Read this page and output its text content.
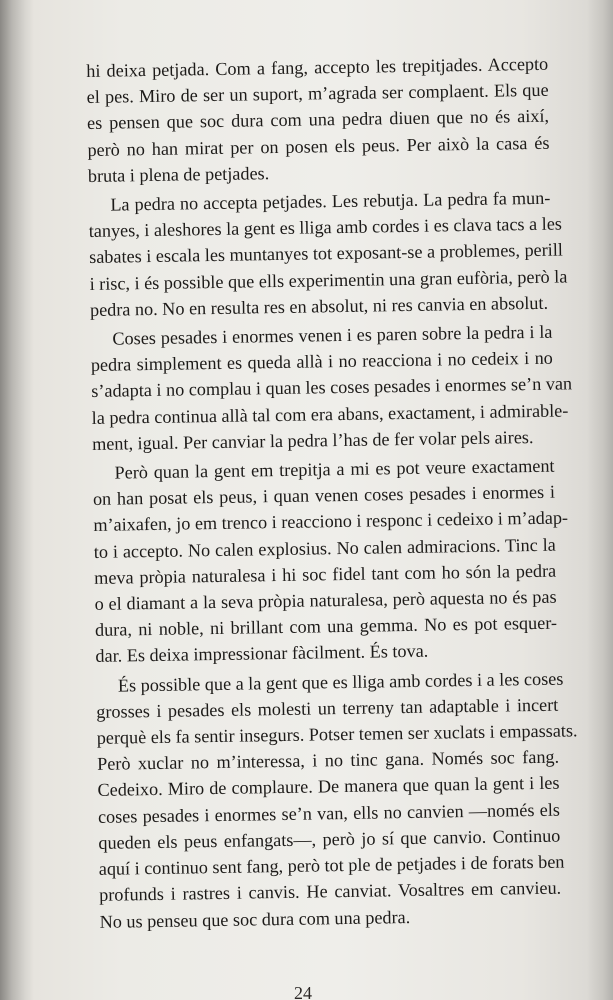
hi deixa petjada. Com a fang, accepto les trepitjades. Accepto
el pes. Miro de ser un suport, m’agrada ser complaent. Els que
es pensen que soc dura com una pedra diuen que no és així,
però no han mirat per on posen els peus. Per això la casa és
bruta i plena de petjades.
La pedra no accepta petjades. Les rebutja. La pedra fa mun-
tanyes, i aleshores la gent es lliga amb cordes i es clava tacs a les
sabates i escala les muntanyes tot exposant-se a problemes, perill
i risc, i és possible que ells experimentin una gran eufòria, però la
pedra no. No en resulta res en absolut, ni res canvia en absolut.
Coses pesades i enormes venen i es paren sobre la pedra i la
pedra simplement es queda allà i no reacciona i no cedeix i no
s’adapta i no complau i quan les coses pesades i enormes se’n van
la pedra continua allà tal com era abans, exactament, i admirable-
ment, igual. Per canviar la pedra l’has de fer volar pels aires.
Però quan la gent em trepitja a mi es pot veure exactament
on han posat els peus, i quan venen coses pesades i enormes i
m’aixafen, jo em trenco i reacciono i responc i cedeixo i m’adap-
to i accepto. No calen explosius. No calen admiracions. Tinc la
meva pròpia naturalesa i hi soc fidel tant com ho són la pedra
o el diamant a la seva pròpia naturalesa, però aquesta no és pas
dura, ni noble, ni brillant com una gemma. No es pot esquer-
dar. Es deixa impressionar fàcilment. És tova.
És possible que a la gent que es lliga amb cordes i a les coses
grosses i pesades els molesti un terreny tan adaptable i incert
perquè els fa sentir insegurs. Potser temen ser xuclats i empassats.
Però xuclar no m’interessa, i no tinc gana. Només soc fang.
Cedeixo. Miro de complaure. De manera que quan la gent i les
coses pesades i enormes se’n van, ells no canvien —només els
queden els peus enfangats—, però jo sí que canvio. Continuo
aquí i continuo sent fang, però tot ple de petjades i de forats ben
profunds i rastres i canvis. He canviat. Vosaltres em canvieu.
No us penseu que soc dura com una pedra.
24
